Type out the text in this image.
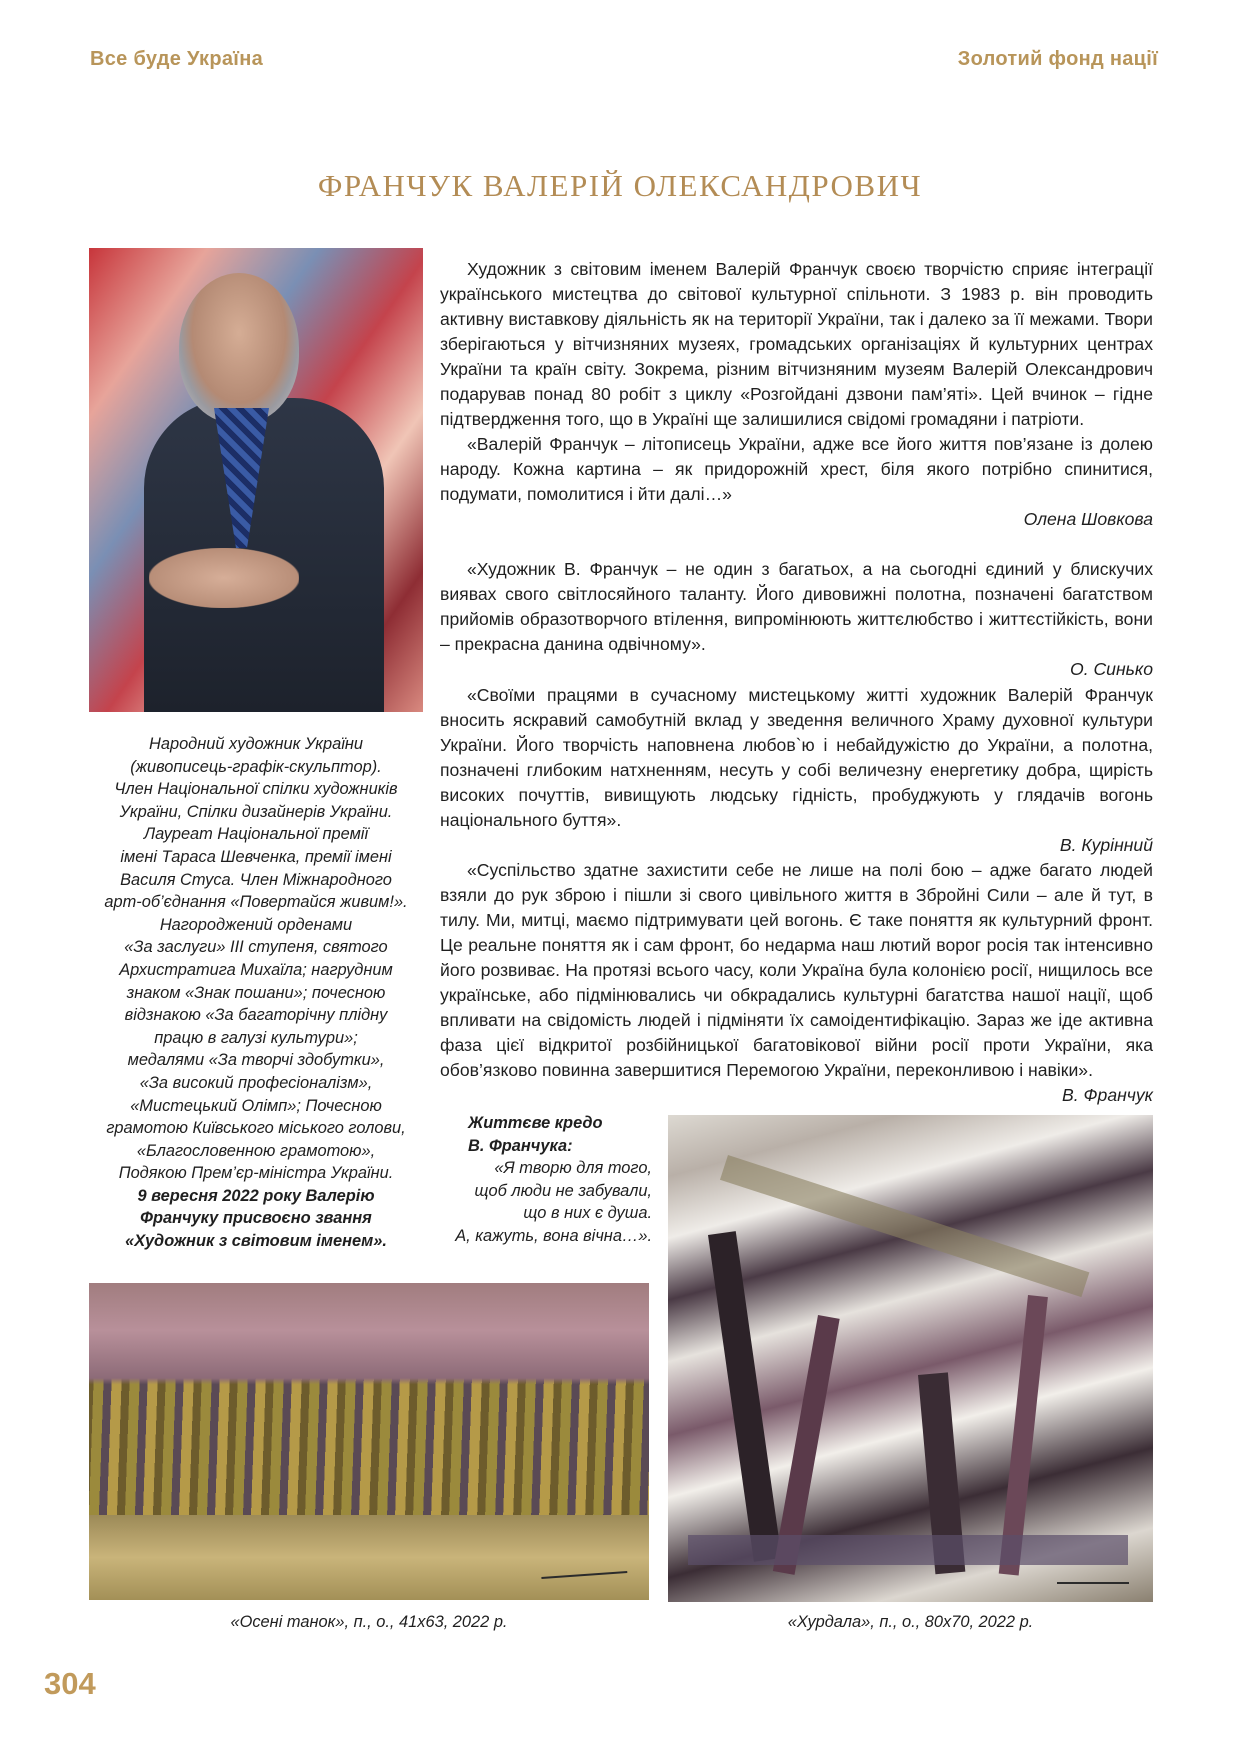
Все буде Україна	Золотий фонд нації
ФРАНЧУК ВАЛЕРІЙ ОЛЕКСАНДРОВИЧ

Художник з світовим іменем Валерій Франчук своєю творчістю сприяє інтеграції українського мистецтва до світової культурної спільноти. З 1983 р. він проводить активну виставкову діяльність як на території України, так і далеко за її межами. Твори зберігаються у вітчизняних музеях, громадських організаціях й культурних центрах України та країн світу. Зокрема, різним вітчизняним музеям Валерій Олександрович подарував понад 80 робіт з циклу «Розгойдані дзвони пам’яті». Цей вчинок – гідне підтвердження того, що в Україні ще залишилися свідомі громадяни і патріоти.

«Валерій Франчук – літописець України, адже все його життя пов’язане із долею народу. Кожна картина – як придорожній хрест, біля якого потрібно спинитися, подумати, помолитися і йти далі…»

Олена Шовкова

«Художник В. Франчук – не один з багатьох, а на сьогодні єдиний у блискучих виявах свого світлосяйного таланту. Його дивовижні полотна, позначені багатством прийомів образотворчого втілення, випромінюють життєлюбство і життєстійкість, вони – прекрасна данина одвічному».

О. Синько

«Своїми працями в сучасному мистецькому житті художник Валерій Франчук вносить яскравий самобутній вклад у зведення величного Храму духовної культури України. Його творчість наповнена любов`ю і небайдужістю до України, а полотна, позначені глибоким натхненням, несуть у собі величезну енергетику добра, щирість високих почуттів, вивищують людську гідність, пробуджують у глядачів вогонь національного буття».

В. Курінний

«Суспільство здатне захистити себе не лише на полі бою – адже багато людей взяли до рук зброю і пішли зі свого цивільного життя в Збройні Сили – але й тут, в тилу. Ми, митці, маємо підтримувати цей вогонь. Є таке поняття як культурний фронт. Це реальне поняття як і сам фронт, бо недарма наш лютий ворог росія так інтенсивно його розвиває. На протязі всього часу, коли Україна була колонією росії, нищилось все українське, або підмінювались чи обкрадались культурні багатства нашої нації, щоб впливати на свідомість людей і підміняти їх самоідентифікацію. Зараз же іде активна фаза цієї відкритої розбійницької багатовікової війни росії проти України, яка обов’язково повинна завершитися Перемогою України, переконливою і навіки».

В. Франчук

Народний художник України
(живописець-графік-скульптор).
Член Національної спілки художників
України, Спілки дизайнерів України.
Лауреат Національної премії
імені Тараса Шевченка, премії імені
Василя Стуса. Член Міжнародного
арт-об’єднання «Повертайся живим!».
Нагороджений орденами
«За заслуги» ІІІ ступеня, святого
Архистратига Михаїла; нагрудним
знаком «Знак пошани»; почесною
відзнакою «За багаторічну плідну
працю в галузі культури»;
медалями «За творчі здобутки»,
«За високий професіоналізм»,
«Мистецький Олімп»; Почесною
грамотою Київського міського голови, «Благословенною грамотою»,
Подякою Прем’єр-міністра України.
9 вересня 2022 року Валерію
Франчуку присвоєно звання
«Художник з світовим іменем».
Життєве кредо
В. Франчука:
«Я творю для того,
щоб люди не забували,
що в них є душа.
А, кажуть, вона вічна…».
«Осені танок», п., о., 41х63, 2022 р.	«Хурдала», п., о., 80х70, 2022 р.
304
